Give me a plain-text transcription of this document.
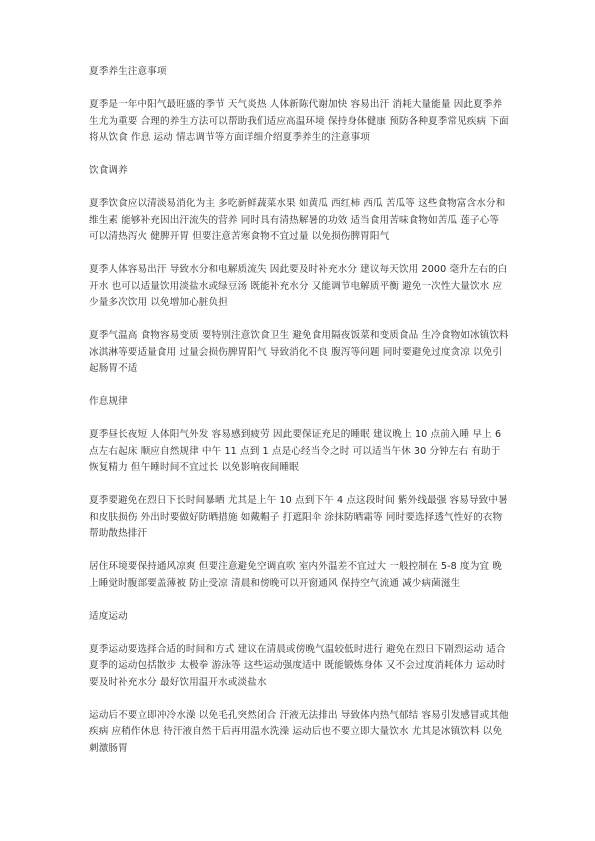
夏季养生注意事项

夏季是一年中阳气最旺盛的季节 天气炎热 人体新陈代谢加快 容易出汗 消耗大量能量 因此夏季养生尤为重要 合理的养生方法可以帮助我们适应高温环境 保持身体健康 预防各种夏季常见疾病 下面将从饮食 作息 运动 情志调节等方面详细介绍夏季养生的注意事项

饮食调养

夏季饮食应以清淡易消化为主 多吃新鲜蔬菜水果 如黄瓜 西红柿 西瓜 苦瓜等 这些食物富含水分和维生素 能够补充因出汗流失的营养 同时具有清热解暑的功效 适当食用苦味食物如苦瓜 莲子心等 可以清热泻火 健脾开胃 但要注意苦寒食物不宜过量 以免损伤脾胃阳气

夏季人体容易出汗 导致水分和电解质流失 因此要及时补充水分 建议每天饮用 2000 毫升左右的白开水 也可以适量饮用淡盐水或绿豆汤 既能补充水分 又能调节电解质平衡 避免一次性大量饮水 应少量多次饮用 以免增加心脏负担

夏季气温高 食物容易变质 要特别注意饮食卫生 避免食用隔夜饭菜和变质食品 生冷食物如冰镇饮料 冰淇淋等要适量食用 过量会损伤脾胃阳气 导致消化不良 腹泻等问题 同时要避免过度贪凉 以免引起肠胃不适

作息规律

夏季昼长夜短 人体阳气外发 容易感到疲劳 因此要保证充足的睡眠 建议晚上 10 点前入睡 早上 6 点左右起床 顺应自然规律 中午 11 点到 1 点是心经当令之时 可以适当午休 30 分钟左右 有助于恢复精力 但午睡时间不宜过长 以免影响夜间睡眠

夏季要避免在烈日下长时间暴晒 尤其是上午 10 点到下午 4 点这段时间 紫外线最强 容易导致中暑和皮肤损伤 外出时要做好防晒措施 如戴帽子 打遮阳伞 涂抹防晒霜等 同时要选择透气性好的衣物 帮助散热排汗

居住环境要保持通风凉爽 但要注意避免空调直吹 室内外温差不宜过大 一般控制在 5-8 度为宜 晚上睡觉时腹部要盖薄被 防止受凉 清晨和傍晚可以开窗通风 保持空气流通 减少病菌滋生

适度运动

夏季运动要选择合适的时间和方式 建议在清晨或傍晚气温较低时进行 避免在烈日下剧烈运动 适合夏季的运动包括散步 太极拳 游泳等 这些运动强度适中 既能锻炼身体 又不会过度消耗体力 运动时要及时补充水分 最好饮用温开水或淡盐水

运动后不要立即冲冷水澡 以免毛孔突然闭合 汗液无法排出 导致体内热气郁结 容易引发感冒或其他疾病 应稍作休息 待汗液自然干后再用温水洗澡 运动后也不要立即大量饮水 尤其是冰镇饮料 以免刺激肠胃
